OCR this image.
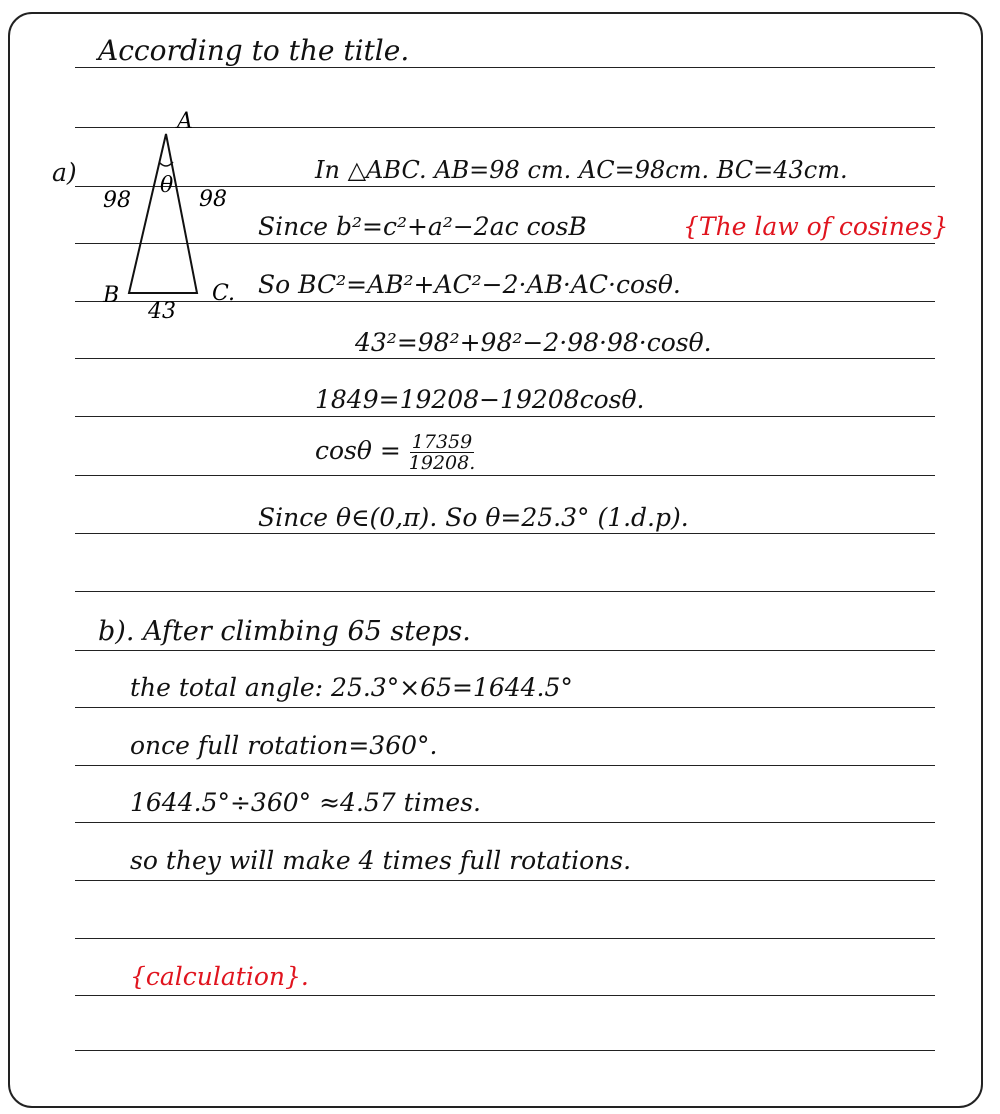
According to the title.
a)
A
θ
98	98
B	C.
43
In △ABC. AB=98 cm. AC=98cm. BC=43cm.
Since b²=c²+a²−2ac cosB	{The law of cosines}
So BC²=AB²+AC²−2·AB·AC·cosθ.
43²=98²+98²−2·98·98·cosθ.
1849=19208−19208cosθ.
$\cos\theta = \frac{17359}{19208.}$
Since θ∈(0,π). So θ=25.3° (1.d.p).
b). After climbing 65 steps.
the total angle: 25.3°×65=1644.5°
once full rotation=360°.
1644.5°÷360° ≈4.57 times.
so they will make 4 times full rotations.
{calculation}.
